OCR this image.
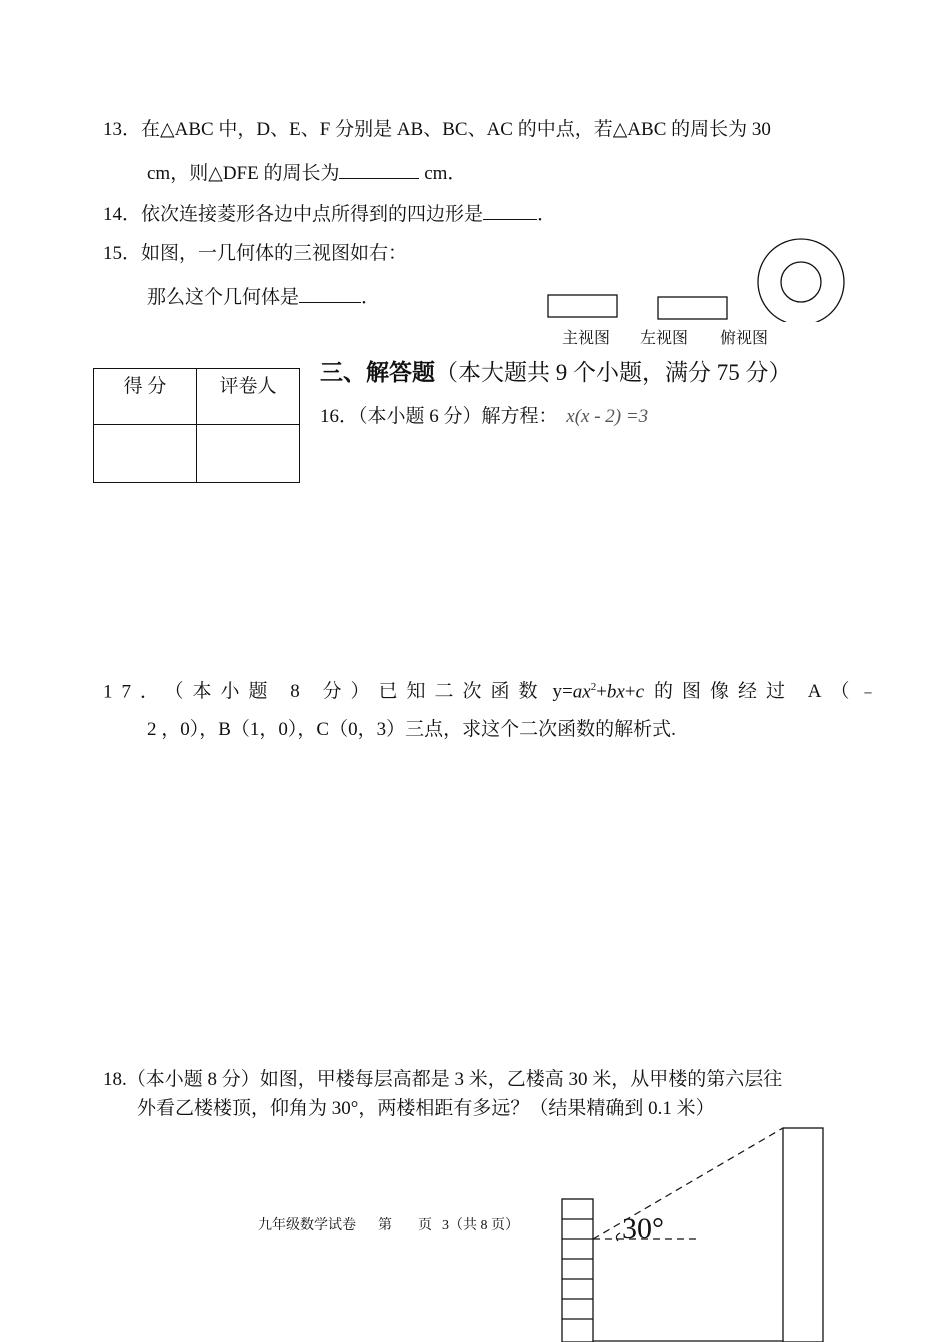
13．在△ABC 中，D、E、F 分别是 AB、BC、AC 的中点，若△ABC 的周长为 30
cm，则△DFE 的周长为	cm．
14．依次连接菱形各边中点所得到的四边形是	．
15．如图，一几何体的三视图如右：
那么这个几何体是	．
主视图 左视图 俯视图
得 分	评卷人

三、解答题（本大题共 9 个小题，满分 75 分）
16．（本小题 6 分）解方程： x(x - 2) =3
17． （本小题 8 分）已知二次函数 $y=ax^2+bx+c$ 的图像经过 A（﹣
2 ，0），B（1，0），C（0，3）三点，求这个二次函数的解析式.
18.（本小题 8 分）如图，甲楼每层高都是 3 米，乙楼高 30 米，从甲楼的第六层往
外看乙楼楼顶，仰角为 30°，两楼相距有多远？（结果精确到 0.1 米）
30°
九年级数学试卷 第 页 3（共 8 页）
